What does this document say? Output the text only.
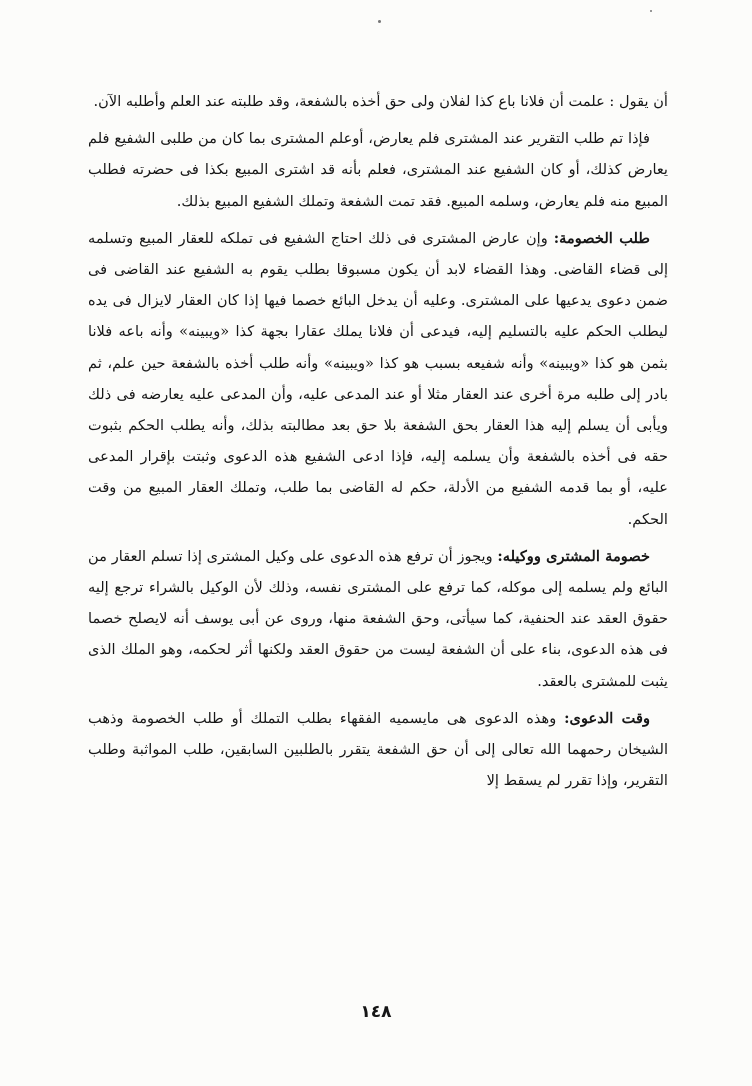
أن يقول : علمت أن فلانا باع كذا لفلان ولى حق أخذه بالشفعة، وقد طلبته عند العلم وأطلبه الآن.

فإذا تم طلب التقرير عند المشترى فلم يعارض، أوعلم المشترى بما كان من طلبى الشفيع فلم يعارض كذلك، أو كان الشفيع عند المشترى، فعلم بأنه قد اشترى المبيع بكذا فى حضرته فطلب المبيع منه فلم يعارض، وسلمه المبيع. فقد تمت الشفعة وتملك الشفيع المبيع بذلك.

طلب الخصومة: وإن عارض المشترى فى ذلك احتاج الشفيع فى تملكه للعقار المبيع وتسلمه إلى قضاء القاضى. وهذا القضاء لابد أن يكون مسبوقا بطلب يقوم به الشفيع عند القاضى فى ضمن دعوى يدعيها على المشترى. وعليه أن يدخل البائع خصما فيها إذا كان العقار لايزال فى يده ليطلب الحكم عليه بالتسليم إليه، فيدعى أن فلانا يملك عقارا بجهة كذا «ويبينه» وأنه باعه فلانا بثمن هو كذا «ويبينه» وأنه شفيعه بسبب هو كذا «ويبينه» وأنه طلب أخذه بالشفعة حين علم، ثم بادر إلى طلبه مرة أخرى عند العقار مثلا أو عند المدعى عليه، وأن المدعى عليه يعارضه فى ذلك ويأبى أن يسلم إليه هذا العقار بحق الشفعة بلا حق بعد مطالبته بذلك، وأنه يطلب الحكم بثبوت حقه فى أخذه بالشفعة وأن يسلمه إليه، فإذا ادعى الشفيع هذه الدعوى وثبتت بإقرار المدعى عليه، أو بما قدمه الشفيع من الأدلة، حكم له القاضى بما طلب، وتملك العقار المبيع من وقت الحكم.

خصومة المشترى ووكيله: ويجوز أن ترفع هذه الدعوى على وكيل المشترى إذا تسلم العقار من البائع ولم يسلمه إلى موكله، كما ترفع على المشترى نفسه، وذلك لأن الوكيل بالشراء ترجع إليه حقوق العقد عند الحنفية، كما سيأتى، وحق الشفعة منها، وروى عن أبى يوسف أنه لايصلح خصما فى هذه الدعوى، بناء على أن الشفعة ليست من حقوق العقد ولكنها أثر لحكمه، وهو الملك الذى يثبت للمشترى بالعقد.

وقت الدعوى: وهذه الدعوى هى مايسميه الفقهاء بطلب التملك أو طلب الخصومة وذهب الشيخان رحمهما الله تعالى إلى أن حق الشفعة يتقرر بالطلبين السابقين، طلب المواثبة وطلب التقرير، وإذا تقرر لم يسقط إلا

١٤٨
